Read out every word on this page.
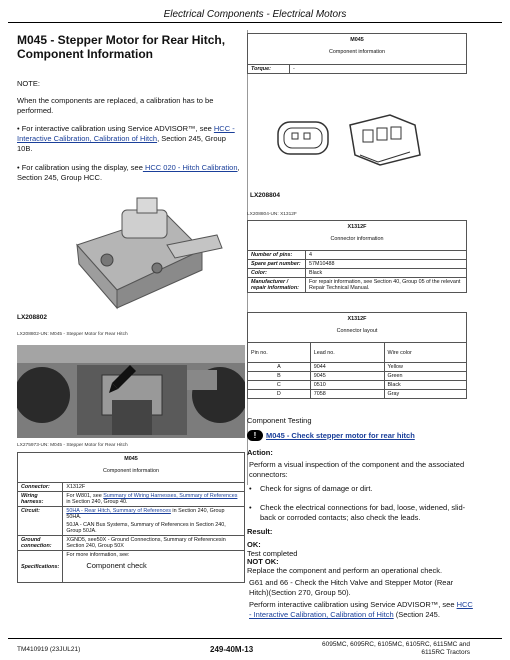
Electrical Components - Electrical Motors
M045 - Stepper Motor for Rear Hitch, Component Information
NOTE:
When the components are replaced, a calibration has to be performed.
• For interactive calibration using Service ADVISOR™, see HCC - Interactive Calibration, Calibration of Hitch, Section 245, Group 10B.
• For calibration using the display, see HCC 020 - Hitch Calibration, Section 245, Group HCC.
LX208802
LX208802-UN: M045 - Stepper Motor for Rear Hitch
LX275973-UN: M045 - Stepper Motor for Rear Hitch
M045
Component information	

Connector:	X1312F
Wiring harness:	For W801, see Summary of Wiring Harnesses, Summary of References in Section 240, Group 40.
Circuit:	50HA - Rear Hitch, Summary of References in Section 240, Group 50HA.
50JA - CAN Bus Systems, Summary of References in Section 240, Group 50JA.

Ground connection:	XGND5, see50X - Ground Connections, Summary of Referencesin Section 240, Group 50X
Specifications:	For more information, see:
Component check
M045
Component information

Torque:	-
LX208804
LX208804-UN: X1312F
X1312F
Connector information	

Number of pins:	4
Spare part number:	57M10488
Color:	Black
Manufacturer / repair information:	For repair information, see Section 40, Group 05 of the relevant Repair Technical Manual.
X1312F
Connector layout		

Pin no.	Lead no.	Wire color
A	9044	Yellow
B	9045	Green
C	0510	Black
D	7058	Gray
Component Testing
!	M045 - Check stepper motor for rear hitch
Action:
Perform a visual inspection of the component and the associated connectors:
• Check for signs of damage or dirt.
• Check the electrical connections for bad, loose, widened, slid-back or corroded contacts; also check the leads.
Result:
OK:
Test completed
NOT OK:
Replace the component and perform an operational check.
G61 and 66 - Check the Hitch Valve and Stepper Motor (Rear Hitch)(Section 270, Group 50).
Perform interactive calibration using Service ADVISOR™, see HCC - Interactive Calibration, Calibration of Hitch (Section 245.
TM410919 (23JUL21)	249-40M-13
6095MC, 6095RC, 6105MC, 6105RC, 6115MC and 6115RC Tractors
